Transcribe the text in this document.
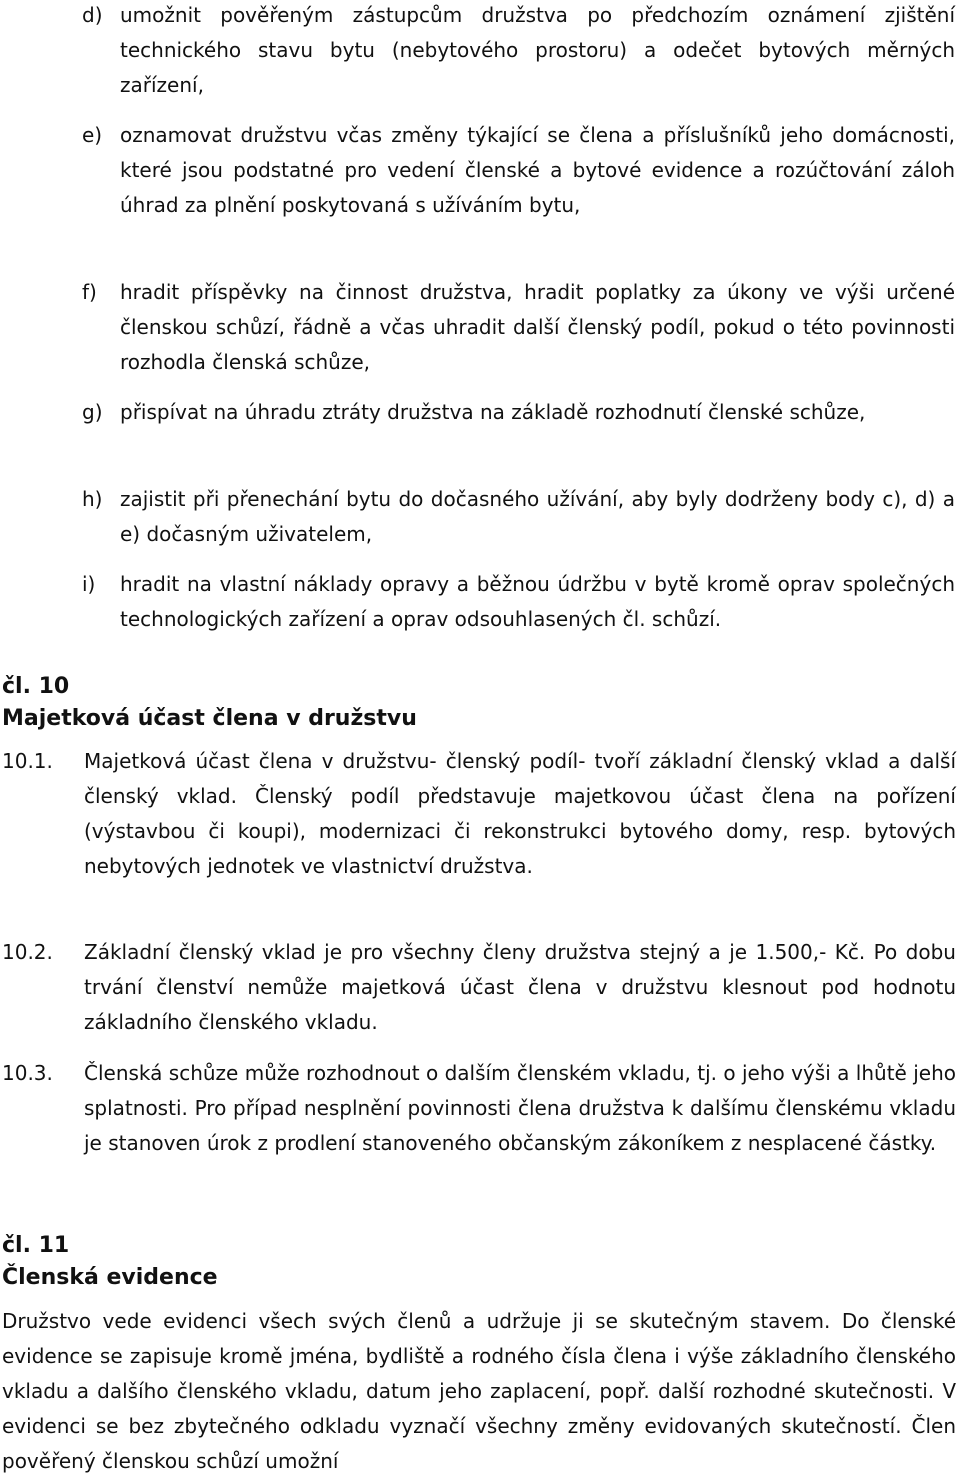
d) umožnit pověřeným zástupcům družstva po předchozím oznámení zjištění technického stavu bytu (nebytového prostoru) a odečet bytových měrných zařízení,
e) oznamovat družstvu včas změny týkající se člena a příslušníků jeho domácnosti, které jsou podstatné pro vedení členské a bytové evidence a rozúčtování záloh úhrad za plnění poskytovaná s užíváním bytu,
f) hradit příspěvky na činnost družstva, hradit poplatky za úkony ve výši určené členskou schůzí, řádně a včas uhradit další členský podíl, pokud o této povinnosti rozhodla členská schůze,
g) přispívat na úhradu ztráty družstva na základě rozhodnutí členské schůze,
h) zajistit při přenechání bytu do dočasného užívání, aby byly dodrženy body c), d) a e) dočasným uživatelem,
i) hradit na vlastní náklady opravy a běžnou údržbu v bytě kromě oprav společných technologických zařízení a oprav odsouhlasených čl. schůzí.
čl. 10
Majetková účast člena v družstvu
10.1. Majetková účast člena v družstvu- členský podíl- tvoří základní členský vklad a další členský vklad. Členský podíl představuje majetkovou účast člena na pořízení (výstavbou či koupi), modernizaci či rekonstrukci bytového domy, resp. bytových nebytových jednotek ve vlastnictví družstva.
10.2. Základní členský vklad je pro všechny členy družstva stejný a je 1.500,- Kč. Po dobu trvání členství nemůže majetková účast člena v družstvu klesnout pod hodnotu základního členského vkladu.
10.3. Členská schůze může rozhodnout o dalším členském vkladu, tj. o jeho výši a lhůtě jeho splatnosti. Pro případ nesplnění povinnosti člena družstva k dalšímu členskému vkladu je stanoven úrok z prodlení stanoveného občanským zákoníkem z nesplacené částky.
čl. 11
Členská evidence
Družstvo vede evidenci všech svých členů a udržuje ji se skutečným stavem. Do členské evidence se zapisuje kromě jména, bydliště a rodného čísla člena i výše základního členského vkladu a dalšího členského vkladu, datum jeho zaplacení, popř. další rozhodné skutečnosti. V evidenci se bez zbytečného odkladu vyznačí všechny změny evidovaných skutečností. Člen pověřený členskou schůzí umožní
